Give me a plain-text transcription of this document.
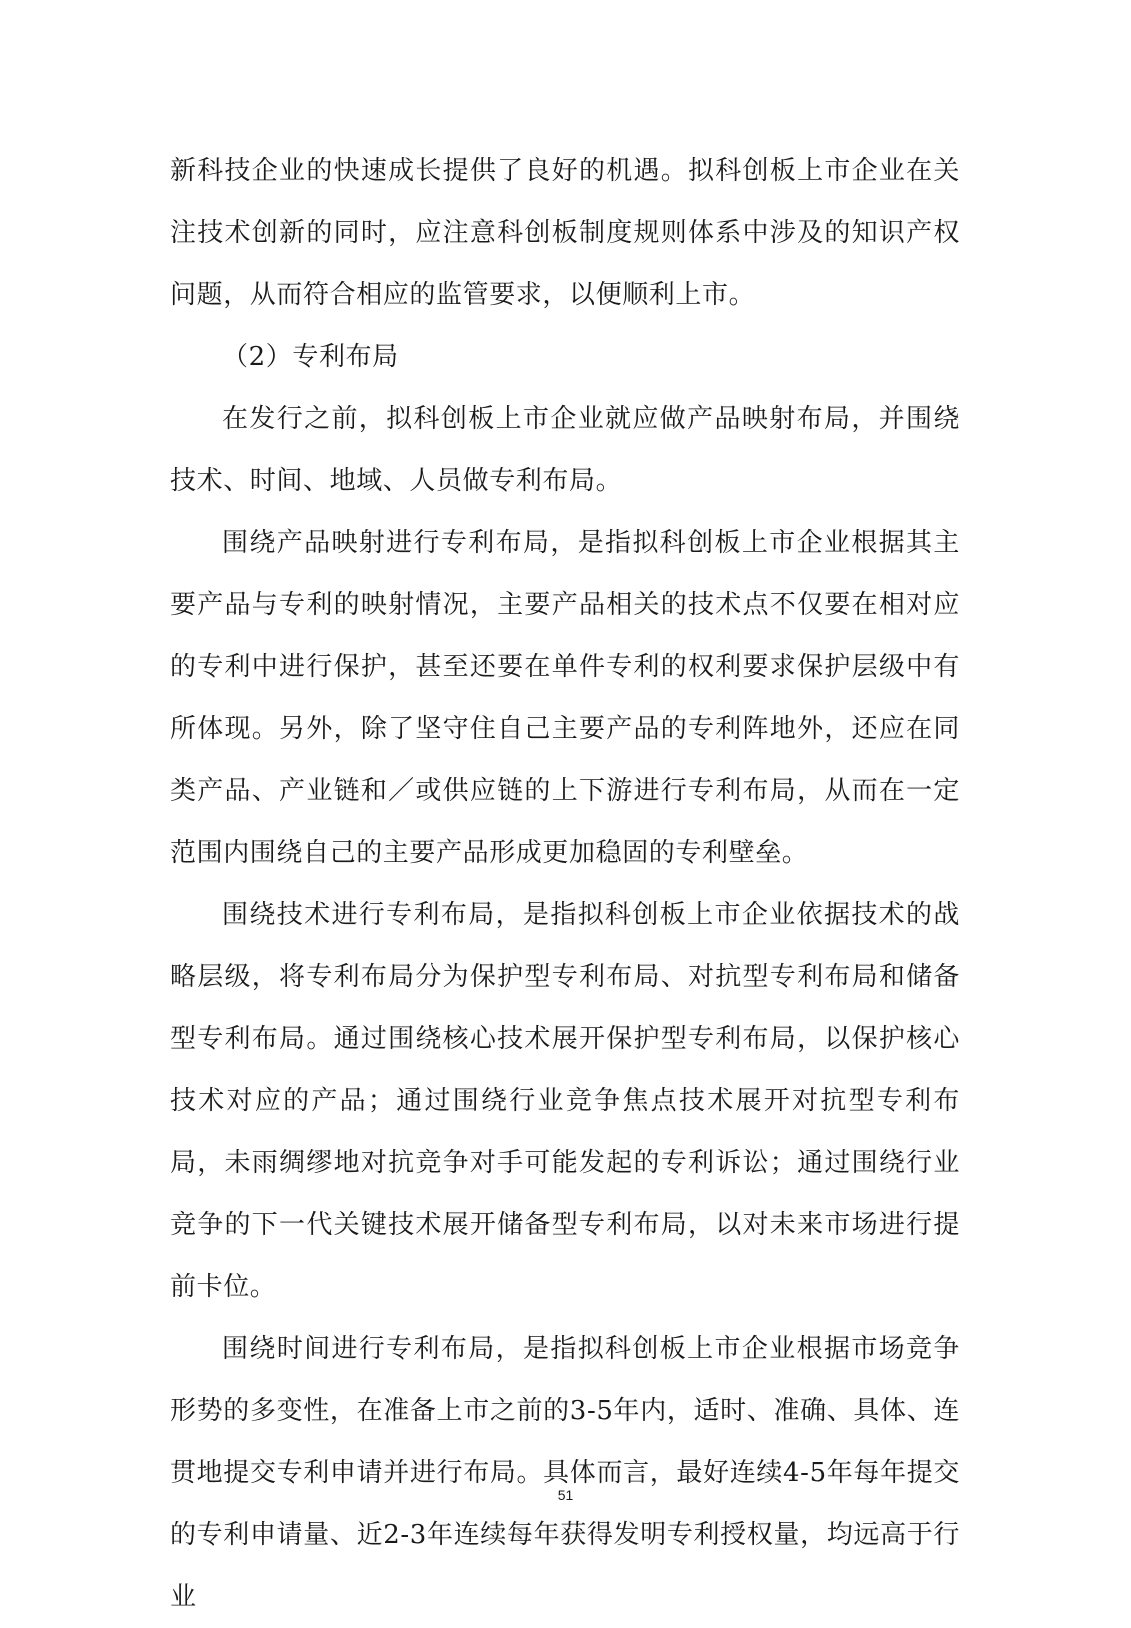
新科技企业的快速成长提供了良好的机遇。拟科创板上市企业在关注技术创新的同时，应注意科创板制度规则体系中涉及的知识产权问题，从而符合相应的监管要求，以便顺利上市。

（2）专利布局

在发行之前，拟科创板上市企业就应做产品映射布局，并围绕技术、时间、地域、人员做专利布局。

围绕产品映射进行专利布局，是指拟科创板上市企业根据其主要产品与专利的映射情况，主要产品相关的技术点不仅要在相对应的专利中进行保护，甚至还要在单件专利的权利要求保护层级中有所体现。另外，除了坚守住自己主要产品的专利阵地外，还应在同类产品、产业链和／或供应链的上下游进行专利布局，从而在一定范围内围绕自己的主要产品形成更加稳固的专利壁垒。

围绕技术进行专利布局，是指拟科创板上市企业依据技术的战略层级，将专利布局分为保护型专利布局、对抗型专利布局和储备型专利布局。通过围绕核心技术展开保护型专利布局，以保护核心技术对应的产品；通过围绕行业竞争焦点技术展开对抗型专利布局，未雨绸缪地对抗竞争对手可能发起的专利诉讼；通过围绕行业竞争的下一代关键技术展开储备型专利布局，以对未来市场进行提前卡位。

围绕时间进行专利布局，是指拟科创板上市企业根据市场竞争形势的多变性，在准备上市之前的3-5年内，适时、准确、具体、连贯地提交专利申请并进行布局。具体而言，最好连续4-5年每年提交的专利申请量、近2-3年连续每年获得发明专利授权量，均远高于行业

51
